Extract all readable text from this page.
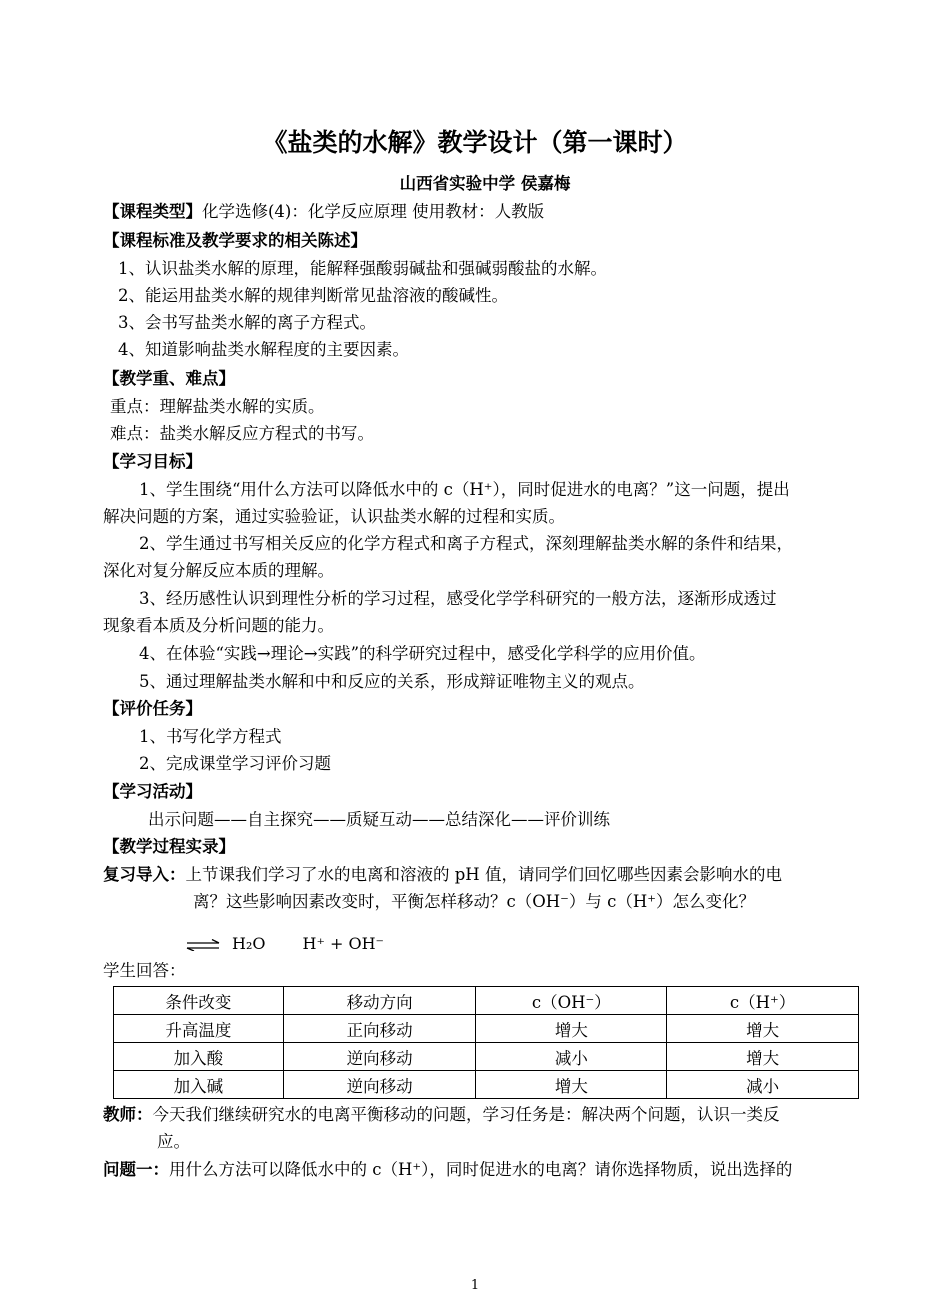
《盐类的水解》教学设计（第一课时）
山西省实验中学 侯嘉梅
【课程类型】化学选修(4)：化学反应原理 使用教材：人教版
【课程标准及教学要求的相关陈述】
1、认识盐类水解的原理，能解释强酸弱碱盐和强碱弱酸盐的水解。
2、能运用盐类水解的规律判断常见盐溶液的酸碱性。
3、会书写盐类水解的离子方程式。
4、知道影响盐类水解程度的主要因素。
【教学重、难点】
重点：理解盐类水解的实质。
难点：盐类水解反应方程式的书写。
【学习目标】
1、学生围绕“用什么方法可以降低水中的 c（H⁺），同时促进水的电离？”这一问题，提出
解决问题的方案，通过实验验证，认识盐类水解的过程和实质。
2、学生通过书写相关反应的化学方程式和离子方程式，深刻理解盐类水解的条件和结果，
深化对复分解反应本质的理解。
3、经历感性认识到理性分析的学习过程，感受化学学科研究的一般方法，逐渐形成透过
现象看本质及分析问题的能力。
4、在体验“实践→理论→实践”的科学研究过程中，感受化学科学的应用价值。
5、通过理解盐类水解和中和反应的关系，形成辩证唯物主义的观点。
【评价任务】
1、书写化学方程式
2、完成课堂学习评价习题
【学习活动】
出示问题——自主探究——质疑互动——总结深化——评价训练
【教学过程实录】
复习导入：上节课我们学习了水的电离和溶液的 pH 值，请同学们回忆哪些因素会影响水的电
离？这些影响因素改变时，平衡怎样移动？c（OH⁻）与 c（H⁺）怎么变化？
⇌ H₂O H⁺ + OH⁻
学生回答：
条件改变	移动方向	c（OH⁻）	c（H⁺）
升高温度	正向移动	增大	增大
加入酸	逆向移动	减小	增大
加入碱	逆向移动	增大	减小
教师：今天我们继续研究水的电离平衡移动的问题，学习任务是：解决两个问题，认识一类反
应。
问题一：用什么方法可以降低水中的 c（H⁺），同时促进水的电离？请你选择物质，说出选择的
1
